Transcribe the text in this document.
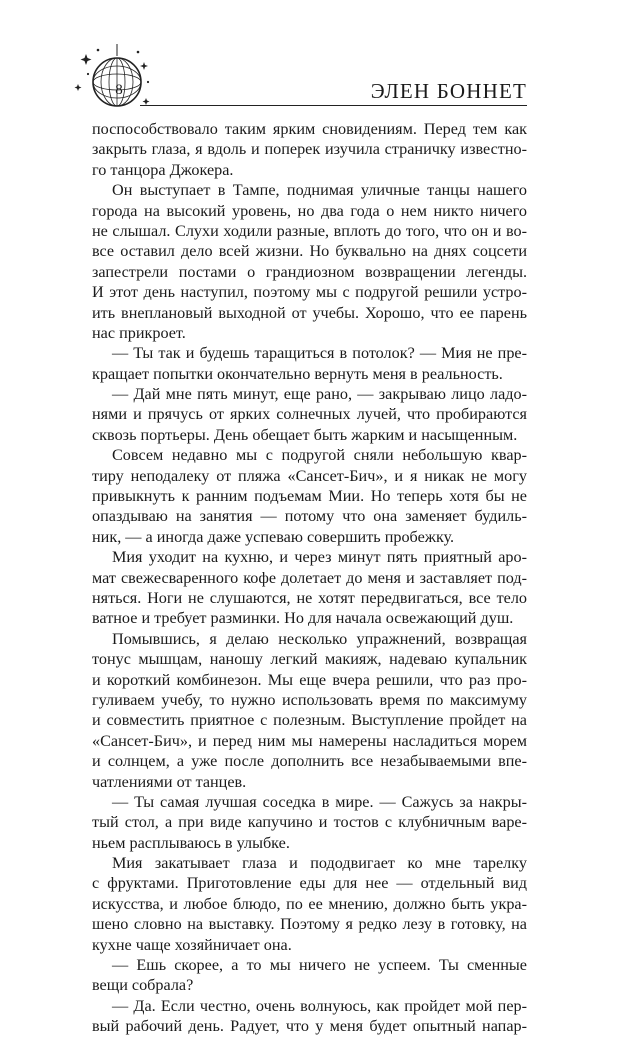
8	ЭЛЕН БОННЕТ
поспособствовало таким ярким сновидениям. Перед тем как
закрыть глаза, я вдоль и поперек изучила страничку известно-
го танцора Джокера.
Он выступает в Тампе, поднимая уличные танцы нашего
города на высокий уровень, но два года о нем никто ничего
не слышал. Слухи ходили разные, вплоть до того, что он и во-
все оставил дело всей жизни. Но буквально на днях соцсети
запестрели постами о грандиозном возвращении легенды.
И этот день наступил, поэтому мы с подругой решили устро-
ить внеплановый выходной от учебы. Хорошо, что ее парень
нас прикроет.
— Ты так и будешь таращиться в потолок? — Мия не пре-
кращает попытки окончательно вернуть меня в реальность.
— Дай мне пять минут, еще рано, — закрываю лицо ладо-
нями и прячусь от ярких солнечных лучей, что пробираются
сквозь портьеры. День обещает быть жарким и насыщенным.
Совсем недавно мы с подругой сняли небольшую квар-
тиру неподалеку от пляжа «Сансет-Бич», и я никак не могу
привыкнуть к ранним подъемам Мии. Но теперь хотя бы не
опаздываю на занятия — потому что она заменяет будиль-
ник, — а иногда даже успеваю совершить пробежку.
Мия уходит на кухню, и через минут пять приятный аро-
мат свежесваренного кофе долетает до меня и заставляет под-
няться. Ноги не слушаются, не хотят передвигаться, все тело
ватное и требует разминки. Но для начала освежающий душ.
Помывшись, я делаю несколько упражнений, возвращая
тонус мышцам, наношу легкий макияж, надеваю купальник
и короткий комбинезон. Мы еще вчера решили, что раз про-
гуливаем учебу, то нужно использовать время по максимуму
и совместить приятное с полезным. Выступление пройдет на
«Сансет-Бич», и перед ним мы намерены насладиться морем
и солнцем, а уже после дополнить все незабываемыми впе-
чатлениями от танцев.
— Ты самая лучшая соседка в мире. — Сажусь за накры-
тый стол, а при виде капучино и тостов с клубничным варе-
ньем расплываюсь в улыбке.
Мия закатывает глаза и пододвигает ко мне тарелку
с фруктами. Приготовление еды для нее — отдельный вид
искусства, и любое блюдо, по ее мнению, должно быть укра-
шено словно на выставку. Поэтому я редко лезу в готовку, на
кухне чаще хозяйничает она.
— Ешь скорее, а то мы ничего не успеем. Ты сменные
вещи собрала?
— Да. Если честно, очень волнуюсь, как пройдет мой пер-
вый рабочий день. Радует, что у меня будет опытный напар-
